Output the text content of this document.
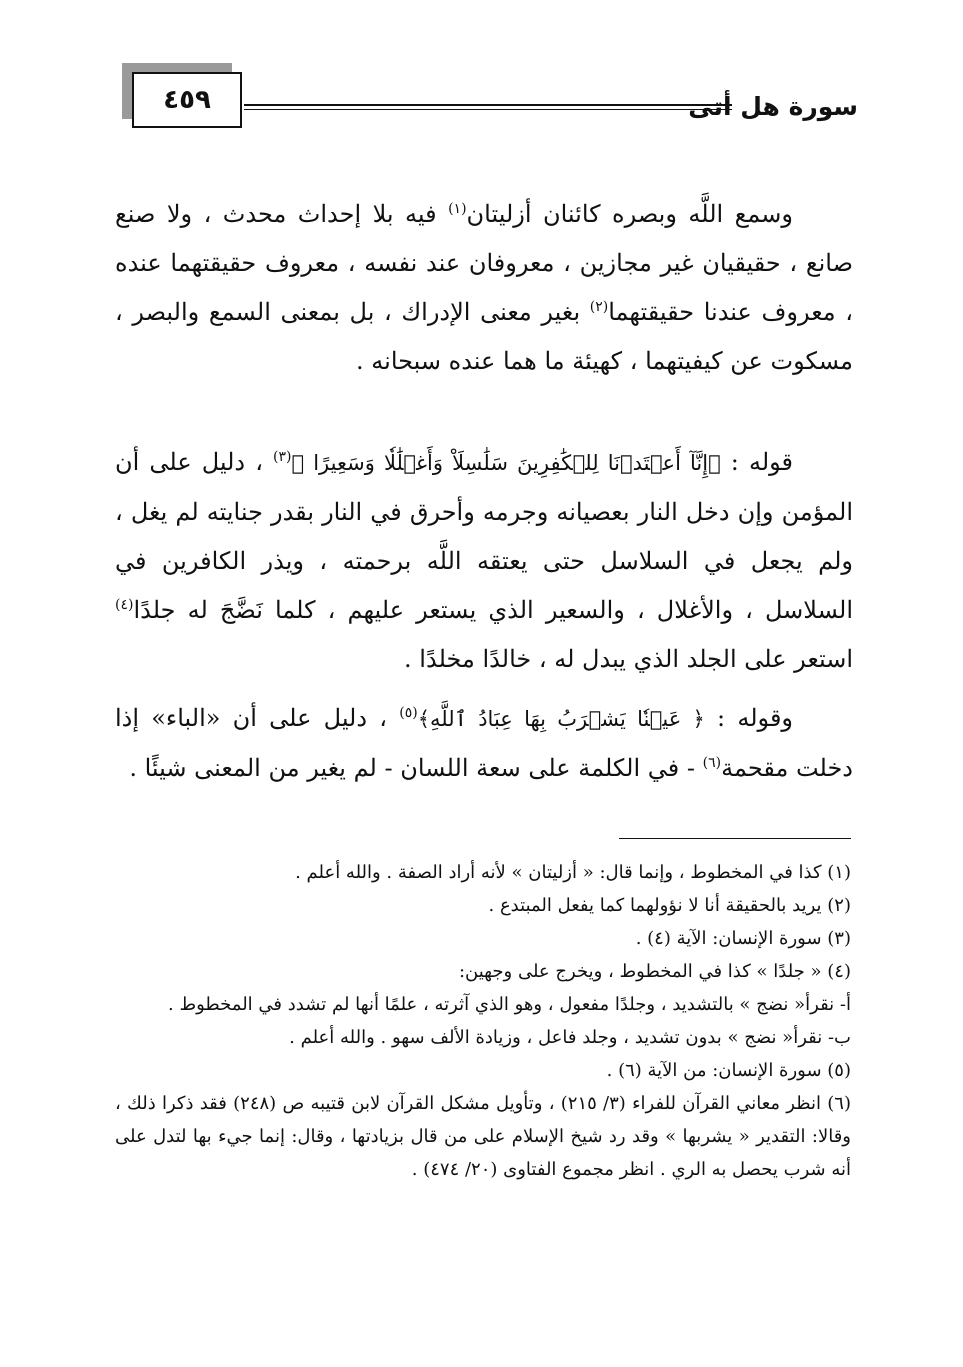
سورة هل أتى
٤٥٩
وسمع اللَّه وبصره كائنان أزليتان$^{(١)}$ فيه بلا إحداث محدث ، ولا صنع صانع ، حقيقيان غير مجازين ، معروفان عند نفسه ، معروف حقيقتهما عنده ، معروف عندنا حقيقتهما$^{(٢)}$ بغير معنى الإدراك ، بل بمعنى السمع والبصر ، مسكوت عن كيفيتهما ، كهيئة ما هما عنده سبحانه .
قوله : ﴿إِنَّآ أَعۡتَدۡنَا لِلۡكَٰفِرِينَ سَلَٰسِلَاْ وَأَغۡلَٰلٗا وَسَعِيرًا ﴾$^{(٣)}$ ، دليل على أن المؤمن وإن دخل النار بعصيانه وجرمه وأحرق في النار بقدر جنايته لم يغل ، ولم يجعل في السلاسل حتى يعتقه اللَّه برحمته ، ويذر الكافرين في السلاسل ، والأغلال ، والسعير الذي يستعر عليهم ، كلما نَضَّجَ له جلدًا$^{(٤)}$ استعر على الجلد الذي يبدل له ، خالدًا مخلدًا .
وقوله : ﴿ عَيۡنٗا يَشۡرَبُ بِهَا عِبَادُ ٱللَّهِ﴾$^{(٥)}$ ، دليل على أن «الباء» إذا دخلت مقحمة$^{(٦)}$ - في الكلمة على سعة اللسان - لم يغير من المعنى شيئًا .
(١) كذا في المخطوط ، وإنما قال: « أزليتان » لأنه أراد الصفة . والله أعلم .
(٢) يريد بالحقيقة أنا لا نؤولهما كما يفعل المبتدع .
(٣) سورة الإنسان: الآية (٤) .
(٤) « جلدًا » كذا في المخطوط ، ويخرج على وجهين:
أ- نقرأ« نضج » بالتشديد ، وجلدًا مفعول ، وهو الذي آثرته ، علمًا أنها لم تشدد في المخطوط .
ب- نقرأ« نضج » بدون تشديد ، وجلد فاعل ، وزيادة الألف سهو . والله أعلم .
(٥) سورة الإنسان: من الآية (٦) .
(٦) انظر معاني القرآن للفراء (٣/ ٢١٥) ، وتأويل مشكل القرآن لابن قتيبه ص (٢٤٨) فقد ذكرا ذلك ، وقالا: التقدير « يشربها » وقد رد شيخ الإسلام على من قال بزيادتها ، وقال: إنما جيء بها لتدل على أنه شرب يحصل به الري . انظر مجموع الفتاوى (٢٠/ ٤٧٤) .
